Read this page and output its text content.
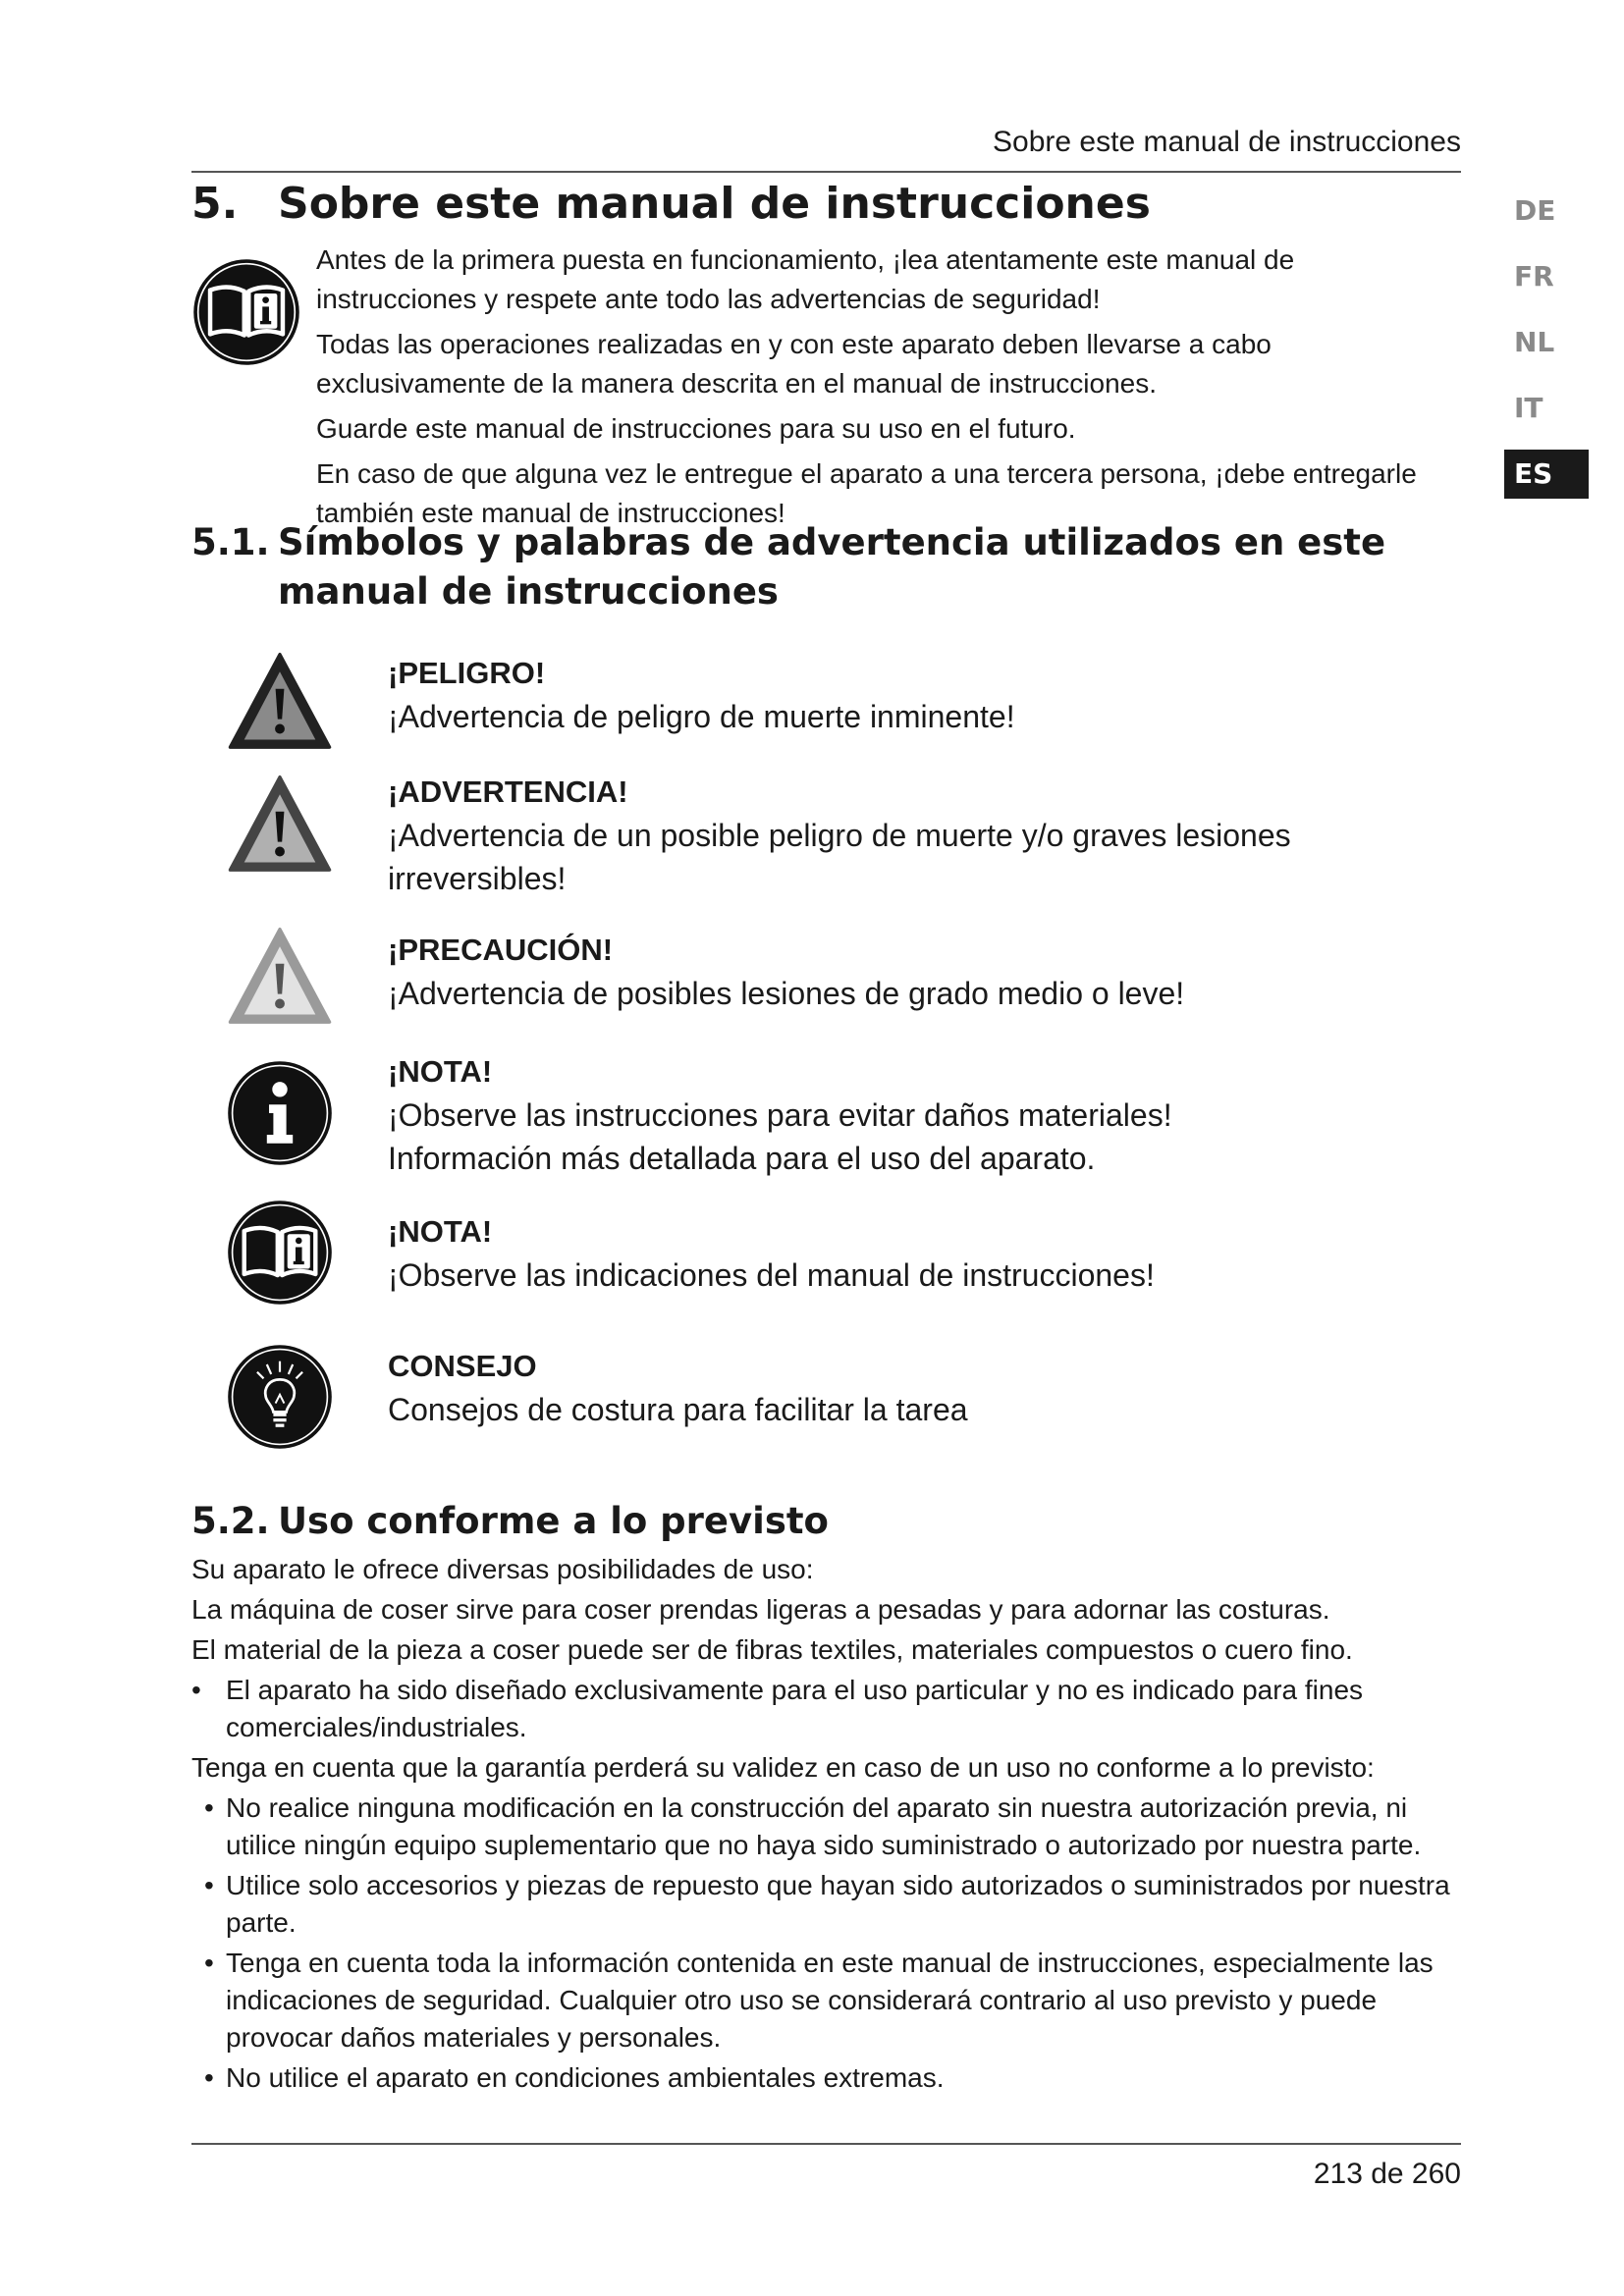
Sobre este manual de instrucciones
DE
FR
NL
IT
ES
5. Sobre este manual de instrucciones

Antes de la primera puesta en funcionamiento, ¡lea atentamente este manual de instrucciones y respete ante todo las advertencias de seguridad!

Todas las operaciones realizadas en y con este aparato deben llevarse a cabo exclusivamente de la manera descrita en el manual de instrucciones.

Guarde este manual de instrucciones para su uso en el futuro.

En caso de que alguna vez le entregue el aparato a una tercera persona, ¡debe entregarle también este manual de instrucciones!

5.1. Símbolos y palabras de advertencia utilizados en este manual de instrucciones
¡PELIGRO!
¡Advertencia de peligro de muerte inminente!
¡ADVERTENCIA!
¡Advertencia de un posible peligro de muerte y/o graves lesiones irreversibles!
¡PRECAUCIÓN!
¡Advertencia de posibles lesiones de grado medio o leve!
¡NOTA!
¡Observe las instrucciones para evitar daños materiales!
Información más detallada para el uso del aparato.
¡NOTA!
¡Observe las indicaciones del manual de instrucciones!
CONSEJO
Consejos de costura para facilitar la tarea
5.2. Uso conforme a lo previsto

Su aparato le ofrece diversas posibilidades de uso:

La máquina de coser sirve para coser prendas ligeras a pesadas y para adornar las costuras.

El material de la pieza a coser puede ser de fibras textiles, materiales compuestos o cuero fino.

• El aparato ha sido diseñado exclusivamente para el uso particular y no es indicado para fines comerciales/industriales.

Tenga en cuenta que la garantía perderá su validez en caso de un uso no conforme a lo previsto:

• No realice ninguna modificación en la construcción del aparato sin nuestra autorización previa, ni utilice ningún equipo suplementario que no haya sido suministrado o autorizado por nuestra parte.

• Utilice solo accesorios y piezas de repuesto que hayan sido autorizados o suministrados por nuestra parte.

• Tenga en cuenta toda la información contenida en este manual de instrucciones, especialmente las indicaciones de seguridad. Cualquier otro uso se considerará contrario al uso previsto y puede provocar daños materiales y personales.

• No utilice el aparato en condiciones ambientales extremas.

213 de 260
